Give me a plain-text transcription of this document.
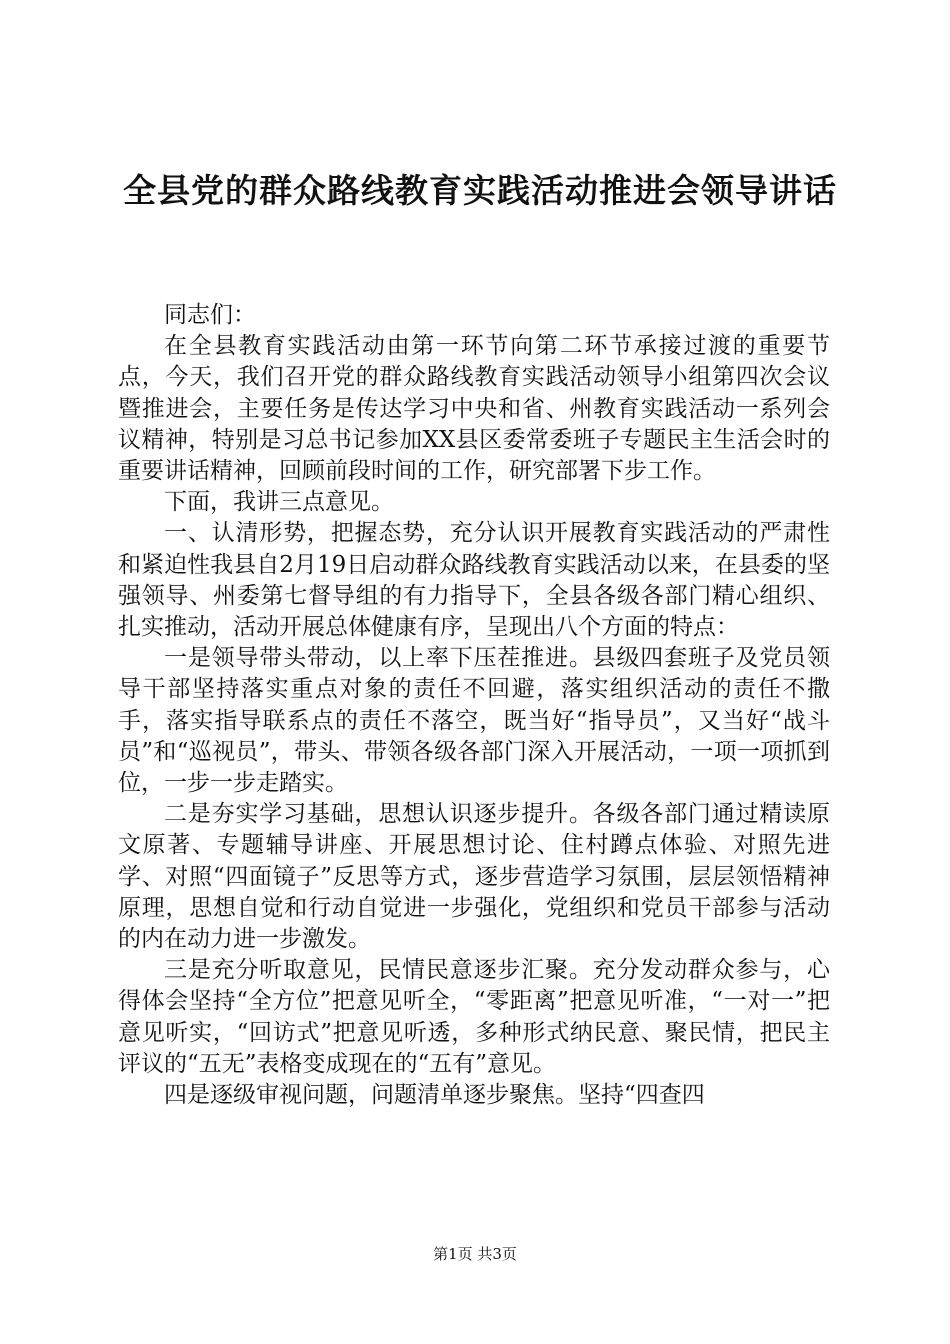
全县党的群众路线教育实践活动推进会领导讲话

同志们：

在全县教育实践活动由第一环节向第二环节承接过渡的重要节点，今天，我们召开党的群众路线教育实践活动领导小组第四次会议暨推进会，主要任务是传达学习中央和省、州教育实践活动一系列会议精神，特别是习总书记参加XX县区委常委班子专题民主生活会时的重要讲话精神，回顾前段时间的工作，研究部署下步工作。

下面，我讲三点意见。

一、认清形势，把握态势，充分认识开展教育实践活动的严肃性和紧迫性我县自2月19日启动群众路线教育实践活动以来，在县委的坚强领导、州委第七督导组的有力指导下，全县各级各部门精心组织、扎实推动，活动开展总体健康有序，呈现出八个方面的特点：

一是领导带头带动，以上率下压茬推进。县级四套班子及党员领导干部坚持落实重点对象的责任不回避，落实组织活动的责任不撒手，落实指导联系点的责任不落空，既当好“指导员”，又当好“战斗员”和“巡视员”，带头、带领各级各部门深入开展活动，一项一项抓到位，一步一步走踏实。

二是夯实学习基础，思想认识逐步提升。各级各部门通过精读原文原著、专题辅导讲座、开展思想讨论、住村蹲点体验、对照先进学、对照“四面镜子”反思等方式，逐步营造学习氛围，层层领悟精神原理，思想自觉和行动自觉进一步强化，党组织和党员干部参与活动的内在动力进一步激发。

三是充分听取意见，民情民意逐步汇聚。充分发动群众参与，心得体会坚持“全方位”把意见听全，“零距离”把意见听准，“一对一”把意见听实，“回访式”把意见听透，多种形式纳民意、聚民情，把民主评议的“五无”表格变成现在的“五有”意见。

四是逐级审视问题，问题清单逐步聚焦。坚持“四查四

第1页 共3页
